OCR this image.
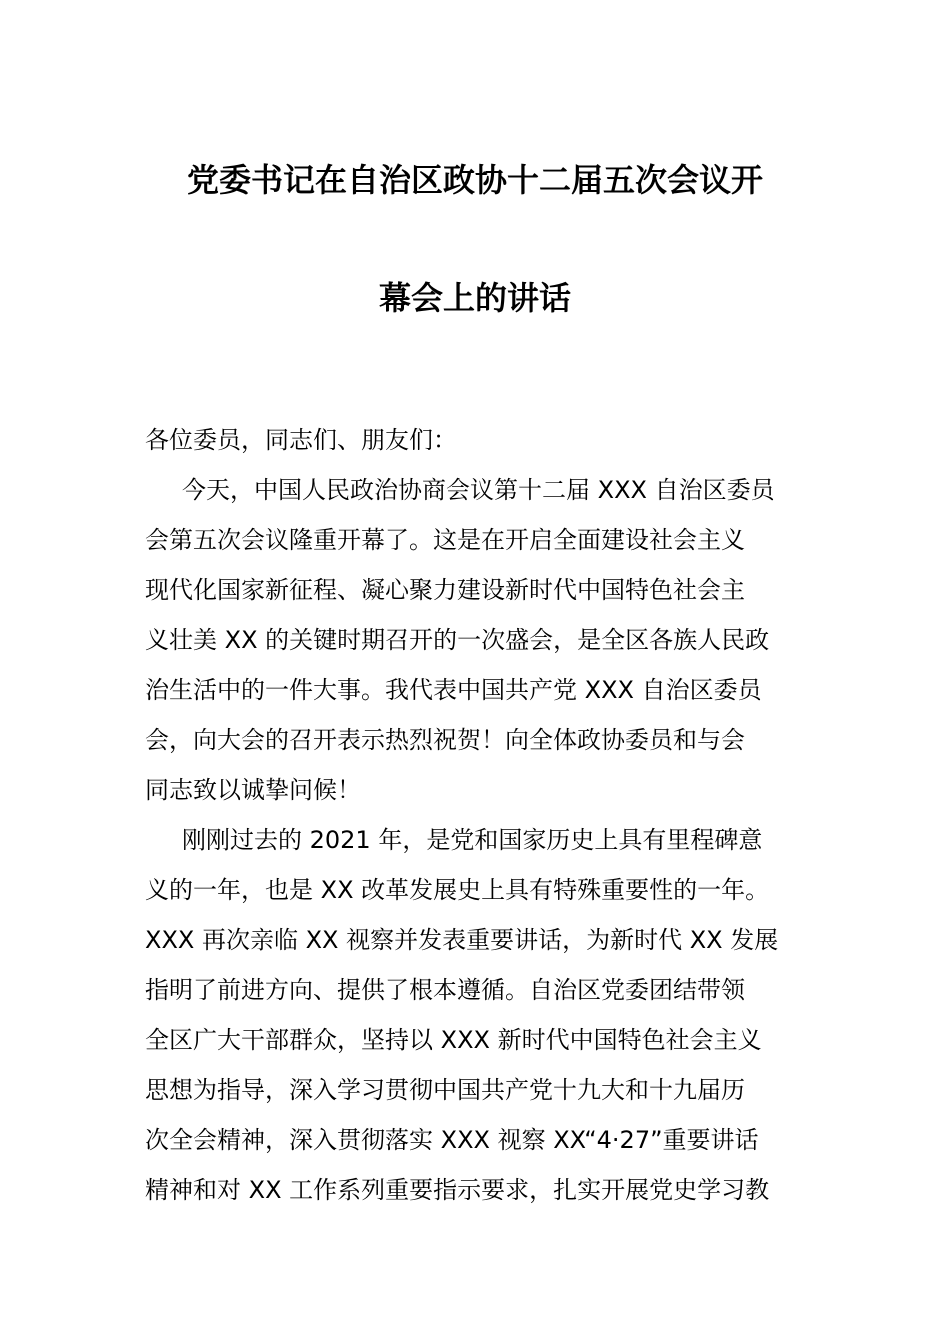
党委书记在自治区政协十二届五次会议开
幕会上的讲话
各位委员，同志们、朋友们：
今天，中国人民政治协商会议第十二届 XXX 自治区委员
会第五次会议隆重开幕了。这是在开启全面建设社会主义
现代化国家新征程、凝心聚力建设新时代中国特色社会主
义壮美 XX 的关键时期召开的一次盛会，是全区各族人民政
治生活中的一件大事。我代表中国共产党 XXX 自治区委员
会，向大会的召开表示热烈祝贺！向全体政协委员和与会
同志致以诚挚问候！
刚刚过去的 2021 年，是党和国家历史上具有里程碑意
义的一年，也是 XX 改革发展史上具有特殊重要性的一年。
XXX 再次亲临 XX 视察并发表重要讲话，为新时代 XX 发展
指明了前进方向、提供了根本遵循。自治区党委团结带领
全区广大干部群众，坚持以 XXX 新时代中国特色社会主义
思想为指导，深入学习贯彻中国共产党十九大和十九届历
次全会精神，深入贯彻落实 XXX 视察 XX“4·27”重要讲话
精神和对 XX 工作系列重要指示要求，扎实开展党史学习教
